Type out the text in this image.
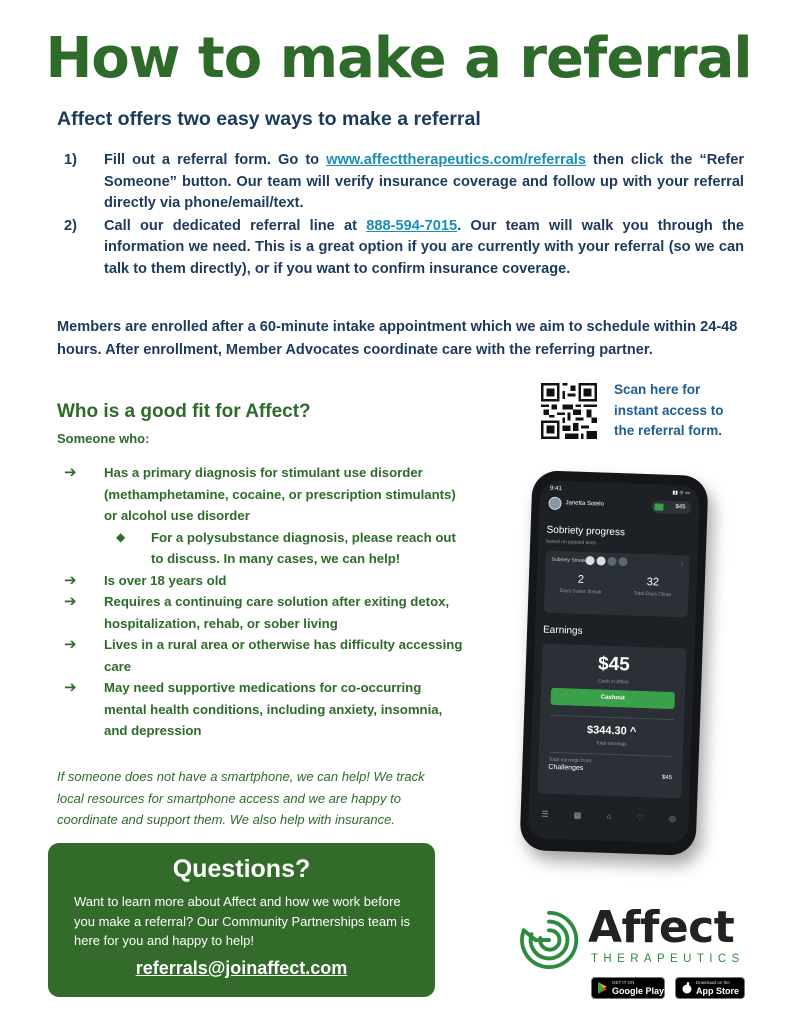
How to make a referral
Affect offers two easy ways to make a referral
1)	Fill out a referral form. Go to www.affecttherapeutics.com/referrals then click the “Refer Someone” button. Our team will verify insurance coverage and follow up with your referral directly via phone/email/text.
2)	Call our dedicated referral line at 888-594-7015. Our team will walk you through the information we need. This is a great option if you are currently with your referral (so we can talk to them directly), or if you want to confirm insurance coverage.

Members are enrolled after a 60-minute intake appointment which we aim to schedule within 24-48 hours. After enrollment, Member Advocates coordinate care with the referring partner.

Scan here for instant access to the referral form.

Who is a good fit for Affect?

Someone who:

➔	Has a primary diagnosis for stimulant use disorder (methamphetamine, cocaine, or prescription stimulants) or alcohol use disorder
◆	For a polysubstance diagnosis, please reach out to discuss. In many cases, we can help!
➔	Is over 18 years old
➔	Requires a continuing care solution after exiting detox, hospitalization, rehab, or sober living
➔	Lives in a rural area or otherwise has difficulty accessing care
➔	May need supportive medications for co-occurring mental health conditions, including anxiety, insomnia, and depression

If someone does not have a smartphone, we can help! We track local resources for smartphone access and we are happy to coordinate and support them. We also help with insurance.

Questions?
Want to learn more about Affect and how we work before you make a referral? Our Community Partnerships team is here for you and happy to help!
referrals@joinaffect.com
9:41
▮▮ ᯤ ▭
Janetta Sotelo	$45
Sobriety progress
based on passed tests
Sobriety Streak	›
2
Days Sober Streak
32
Total Days Clean
Earnings
$45
Cash in Affect
Cashout
$344.30 ^
Total earnings
Total earnings from:
Challenges
$45
☰	▦	⌂	♡	◎
Affect
THERAPEUTICS
GET IT ON
Google Play
Download on the
App Store
